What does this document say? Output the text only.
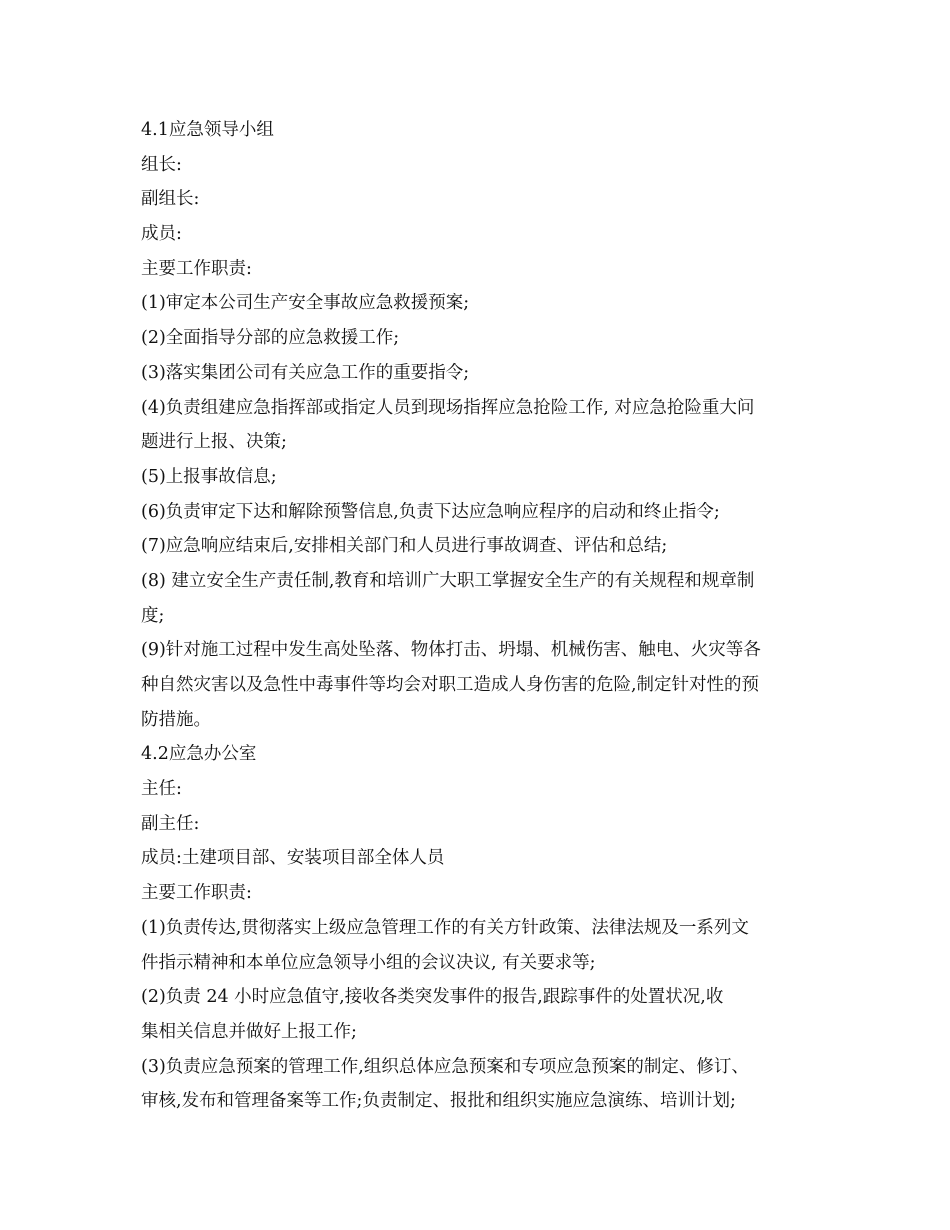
4.1应急领导小组
组长:
副组长:
成员:
主要工作职责:
(1)审定本公司生产安全事故应急救援预案;
(2)全面指导分部的应急救援工作;
(3)落实集团公司有关应急工作的重要指令;
(4)负责组建应急指挥部或指定人员到现场指挥应急抢险工作, 对应急抢险重大问
题进行上报、决策;
(5)上报事故信息;
(6)负责审定下达和解除预警信息,负责下达应急响应程序的启动和终止指令;
(7)应急响应结束后,安排相关部门和人员进行事故调查、评估和总结;
(8) 建立安全生产责任制,教育和培训广大职工掌握安全生产的有关规程和规章制
度;
(9)针对施工过程中发生高处坠落、物体打击、坍塌、机械伤害、触电、火灾等各
种自然灾害以及急性中毒事件等均会对职工造成人身伤害的危险,制定针对性的预
防措施。
4.2应急办公室
主任:
副主任:
成员:土建项目部、安装项目部全体人员
主要工作职责:
(1)负责传达,贯彻落实上级应急管理工作的有关方针政策、法律法规及一系列文
件指示精神和本单位应急领导小组的会议决议, 有关要求等;
(2)负责 24 小时应急值守,接收各类突发事件的报告,跟踪事件的处置状况,收
集相关信息并做好上报工作;
(3)负责应急预案的管理工作,组织总体应急预案和专项应急预案的制定、修订、
审核,发布和管理备案等工作;负责制定、报批和组织实施应急演练、培训计划;
